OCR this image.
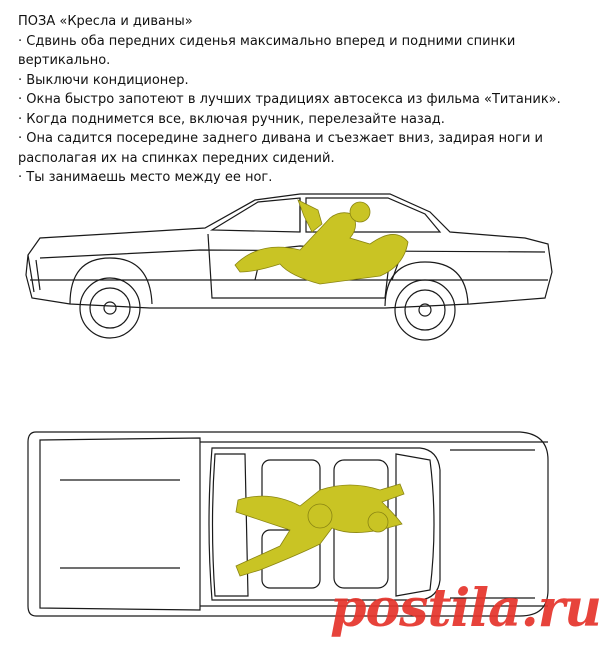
ПОЗА «Кресла и диваны»

· Сдвинь оба передних сиденья максимально вперед и подними спинки вертикально.

· Выключи кондиционер.

· Окна быстро запотеют в лучших традициях автосекса из фильма «Титаник».

· Когда поднимется все, включая ручник, перелезайте назад.

· Она садится посередине заднего дивана и съезжает вниз, задирая ноги и располагая их на спинках передних сидений.

· Ты занимаешь место между ее ног.

postila.ru
